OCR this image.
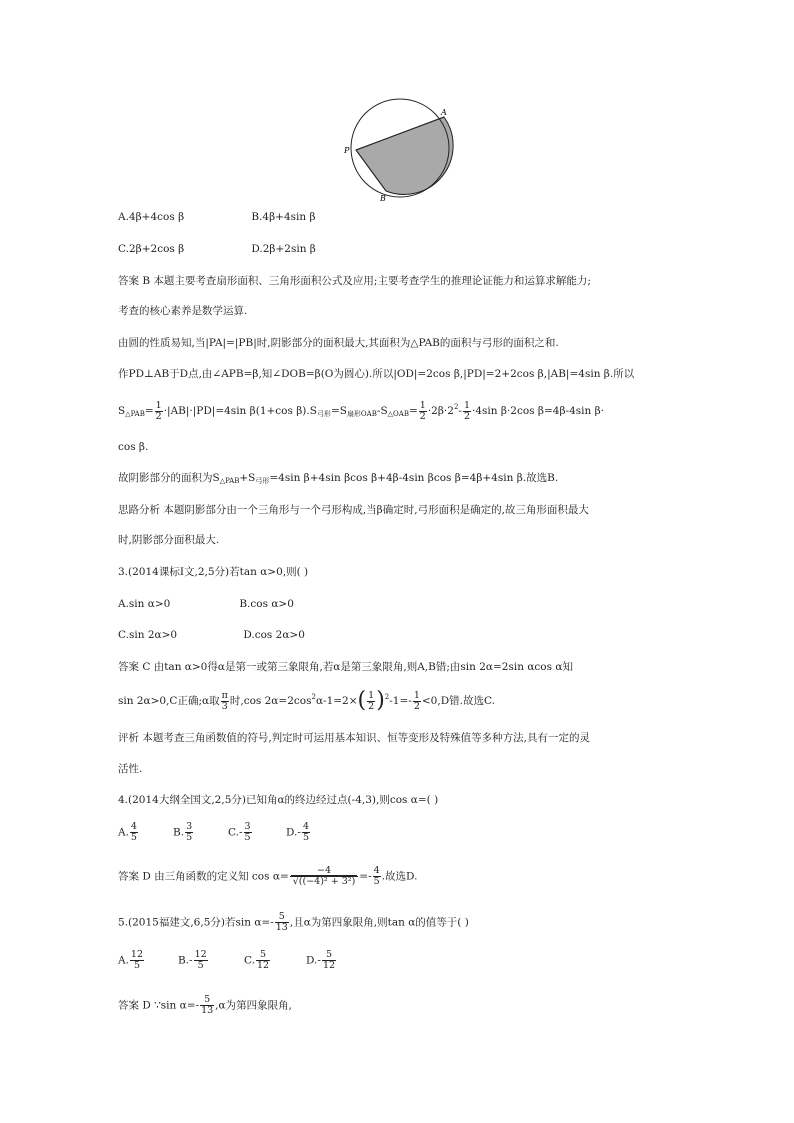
A
P
B
A.4β+4cos β	B.4β+4sin β
C.2β+2cos β	D.2β+2sin β
答案 B 本题主要考查扇形面积、三角形面积公式及应用;主要考查学生的推理论证能力和运算求解能力;
考查的核心素养是数学运算.
由圆的性质易知,当|PA|=|PB|时,阴影部分的面积最大,其面积为△PAB的面积与弓形的面积之和.
作PD⊥AB于D点,由∠APB=β,知∠DOB=β(O为圆心).所以|OD|=2cos β,|PD|=2+2cos β,|AB|=4sin β.所以
$S_{\triangle PAB}= \frac{1}{2} \cdot|AB|\cdot|PD|=4\sin$ β(1+cos $\beta).S_{弓形}=S_{扇形OAB}-S_{\triangle OAB}= \frac{1}{2} \cdot 2\beta\cdot 2^2- \frac{1}{2} \cdot 4\sin$ β·2cos β=4β-4sin β·
cos β.
故阴影部分的面积为$S_{\triangle PAB}+S_{弓形}=4\sin$ β+4sin βcos β+4β-4sin βcos β=4β+4sin β.故选B.
思路分析 本题阴影部分由一个三角形与一个弓形构成,当β确定时,弓形面积是确定的,故三角形面积最大
时,阴影部分面积最大.
3.(2014课标Ⅰ文,2,5分)若tan α>0,则( )
A.sin α>0	B.cos α>0
C.sin 2α>0	D.cos 2α>0
答案 C 由tan α>0得α是第一或第三象限角,若α是第三象限角,则A,B错;由sin 2α=2sin αcos α知
sin 2α>0,C正确;α取 $\frac{\pi}{3}$ 时,cos $2\alpha=2\cos^2\alpha-1=2\times( \frac{1}{2} )^2-1=- \frac{1}{2} <0,D$错.故选C.
评析 本题考查三角函数值的符号,判定时可运用基本知识、恒等变形及特殊值等多种方法,具有一定的灵
活性.
4.(2014大纲全国文,2,5分)已知角α的终边经过点(-4,3),则cos α=( )
A. $\frac{4}{5}$	B. $\frac{3}{5}$	$C.- \frac{3}{5}$	$D.- \frac{4}{5}$
答案 D 由三角函数的定义知 $\cos \alpha= \frac{-4}{\text{√((−4)² + 3²)}} =- \frac{4}{5}$ .故选D.
5.(2015福建文,6,5分)若$\sin \alpha=- \frac{5}{13}$ ,且α为第四象限角,则tan α的值等于( )
A. $\frac{12}{5}$	$B.- \frac{12}{5}$	C. $\frac{5}{12}$	$D.- \frac{5}{12}$
答案 D ∵sin $\alpha=- \frac{5}{13} ,\alpha$为第四象限角,
